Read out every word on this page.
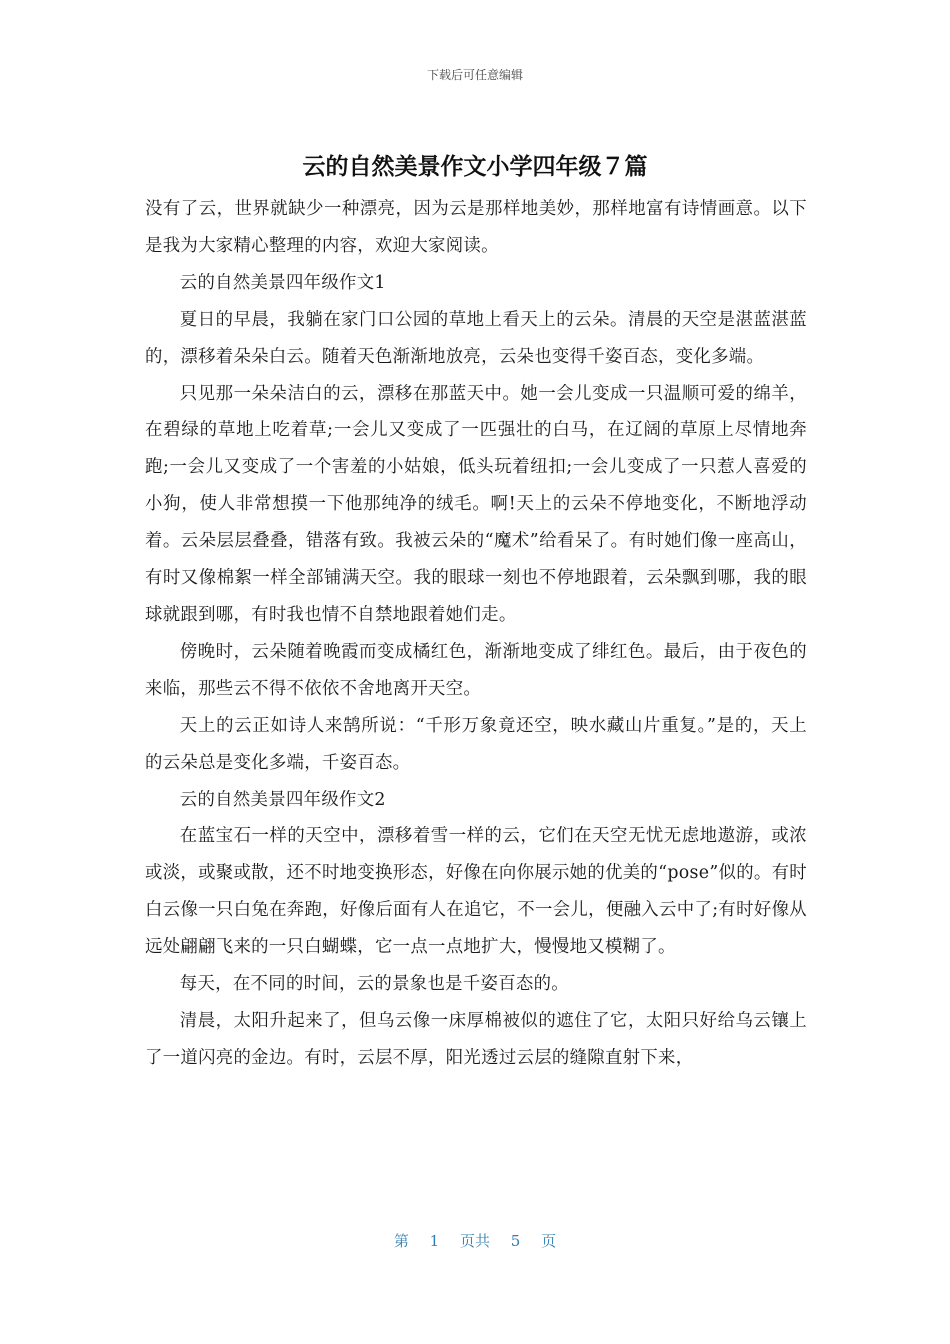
下载后可任意编辑
云的自然美景作文小学四年级７篇

没有了云，世界就缺少一种漂亮，因为云是那样地美妙，那样地富有诗情画意。以下是我为大家精心整理的内容，欢迎大家阅读。

云的自然美景四年级作文1

夏日的早晨，我躺在家门口公园的草地上看天上的云朵。清晨的天空是湛蓝湛蓝的，漂移着朵朵白云。随着天色渐渐地放亮，云朵也变得千姿百态，变化多端。

只见那一朵朵洁白的云，漂移在那蓝天中。她一会儿变成一只温顺可爱的绵羊，在碧绿的草地上吃着草;一会儿又变成了一匹强壮的白马，在辽阔的草原上尽情地奔跑;一会儿又变成了一个害羞的小姑娘，低头玩着纽扣;一会儿变成了一只惹人喜爱的小狗，使人非常想摸一下他那纯净的绒毛。啊!天上的云朵不停地变化，不断地浮动着。云朵层层叠叠，错落有致。我被云朵的“魔术”给看呆了。有时她们像一座高山，有时又像棉絮一样全部铺满天空。我的眼球一刻也不停地跟着，云朵飘到哪，我的眼球就跟到哪，有时我也情不自禁地跟着她们走。

傍晚时，云朵随着晚霞而变成橘红色，渐渐地变成了绯红色。最后，由于夜色的来临，那些云不得不依依不舍地离开天空。

天上的云正如诗人来鹄所说：“千形万象竟还空，映水藏山片重复。”是的，天上的云朵总是变化多端，千姿百态。

云的自然美景四年级作文2

在蓝宝石一样的天空中，漂移着雪一样的云，它们在天空无忧无虑地遨游，或浓或淡，或聚或散，还不时地变换形态，好像在向你展示她的优美的“pose”似的。有时白云像一只白兔在奔跑，好像后面有人在追它，不一会儿，便融入云中了;有时好像从远处翩翩飞来的一只白蝴蝶，它一点一点地扩大，慢慢地又模糊了。

每天，在不同的时间，云的景象也是千姿百态的。

清晨，太阳升起来了，但乌云像一床厚棉被似的遮住了它，太阳只好给乌云镶上了一道闪亮的金边。有时，云层不厚，阳光透过云层的缝隙直射下来，

第 1 页共 5 页
